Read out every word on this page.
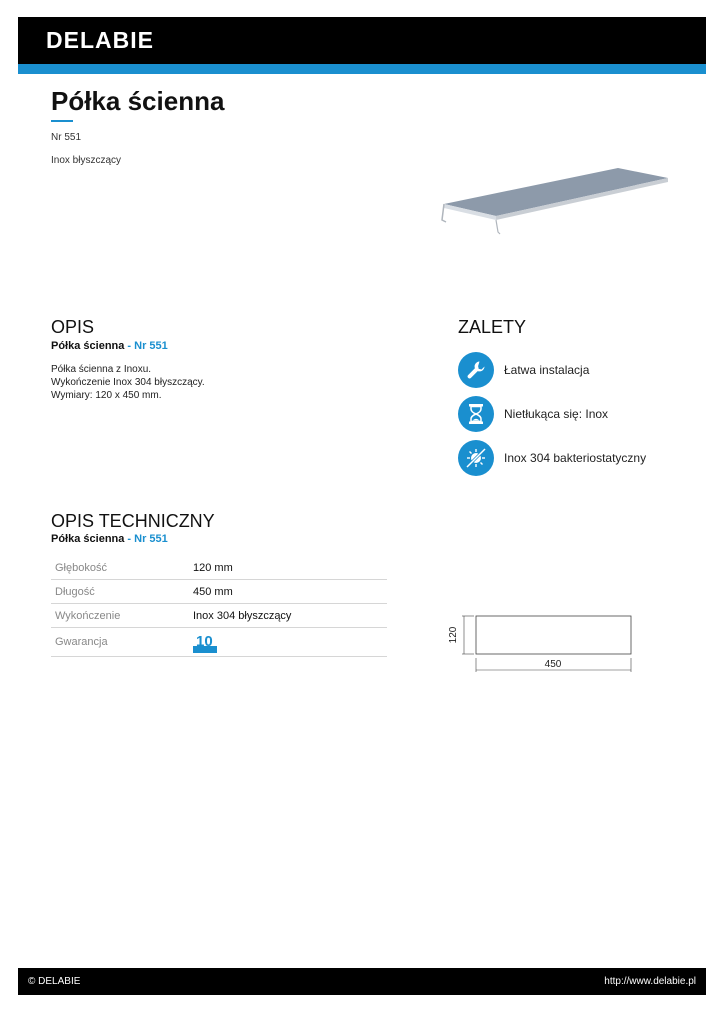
DELABIE
Półka ścienna
Nr 551
Inox błyszczący
OPIS
Półka ścienna - Nr 551
Półka ścienna z Inoxu.
Wykończenie Inox 304 błyszczący.
Wymiary: 120 x 450 mm.
ZALETY
Łatwa instalacja
Nietłukąca się: Inox
Inox 304 bakteriostatyczny
OPIS TECHNICZNY
Półka ścienna - Nr 551
Głębokość	120 mm
Długość	450 mm
Wykończenie	Inox 304 błyszczący
Gwarancja	10	120
450
© DELABIE	http://www.delabie.pl
